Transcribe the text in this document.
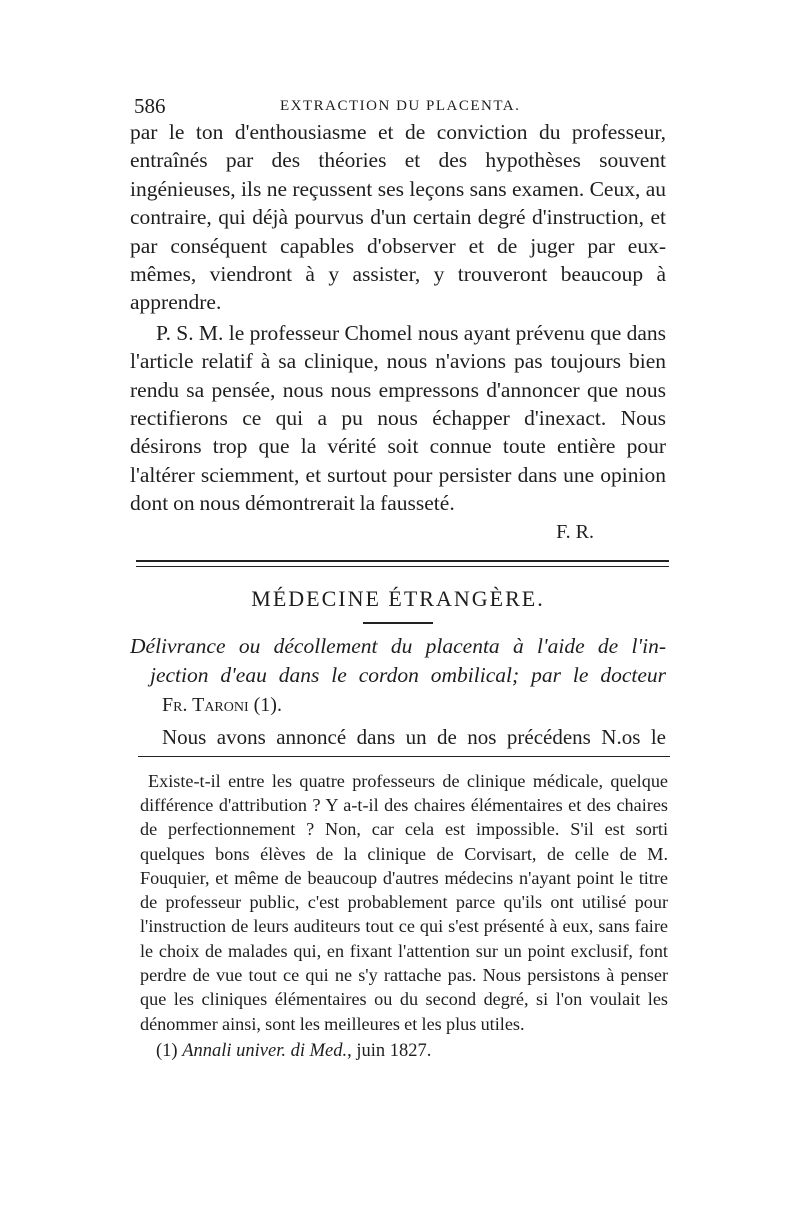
586	EXTRACTION DU PLACENTA.

par le ton d'enthousiasme et de conviction du professeur, entraînés par des théories et des hypothèses souvent ingénieuses, ils ne reçussent ses leçons sans examen. Ceux, au contraire, qui déjà pourvus d'un certain degré d'instruction, et par conséquent capables d'observer et de juger par eux-mêmes, viendront à y assister, y trouveront beaucoup à apprendre.

P. S. M. le professeur Chomel nous ayant prévenu que dans l'article relatif à sa clinique, nous n'avions pas toujours bien rendu sa pensée, nous nous empressons d'annoncer que nous rectifierons ce qui a pu nous échapper d'inexact. Nous désirons trop que la vérité soit connue toute entière pour l'altérer sciemment, et surtout pour persister dans une opinion dont on nous démontrerait la fausseté.

F. R.
MÉDECINE ÉTRANGÈRE.

Délivrance ou décollement du placenta à l'aide de l'in-
jection d'eau dans le cordon ombilical; par le docteur

Fr. Taroni (1).
Nous avons annoncé dans un de nos précédens N.os le

Existe-t-il entre les quatre professeurs de clinique médicale, quelque différence d'attribution ? Y a-t-il des chaires élémentaires et des chaires de perfectionnement ? Non, car cela est impossible. S'il est sorti quelques bons élèves de la clinique de Corvisart, de celle de M. Fouquier, et même de beaucoup d'autres médecins n'ayant point le titre de professeur public, c'est probablement parce qu'ils ont utilisé pour l'instruction de leurs auditeurs tout ce qui s'est présenté à eux, sans faire le choix de malades qui, en fixant l'attention sur un point exclusif, font perdre de vue tout ce qui ne s'y rattache pas. Nous persistons à penser que les cliniques élémentaires ou du second degré, si l'on voulait les dénommer ainsi, sont les meilleures et les plus utiles.

(1) Annali univer. di Med., juin 1827.
